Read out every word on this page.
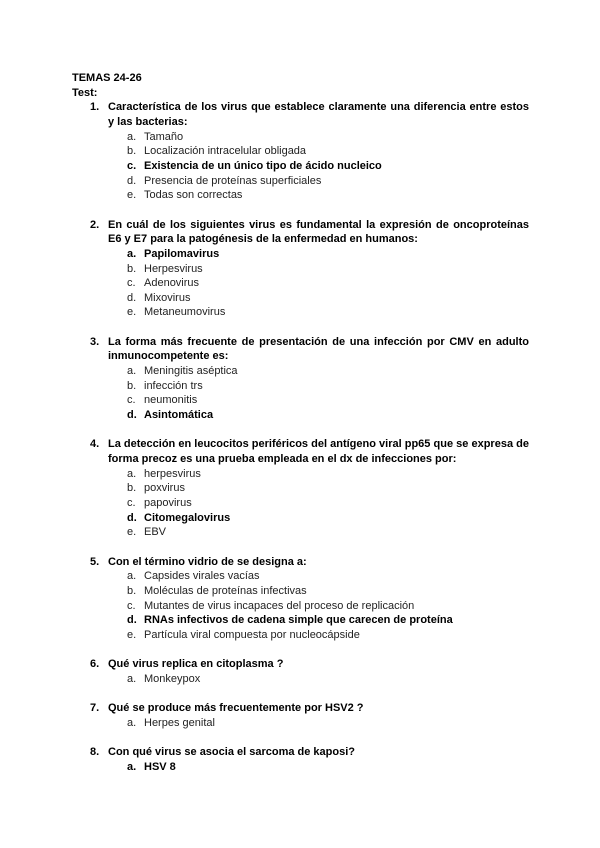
TEMAS 24-26
Test:
1. Característica de los virus que establece claramente una diferencia entre estos y las bacterias:
a. Tamaño
b. Localización intracelular obligada
c. Existencia de un único tipo de ácido nucleico
d. Presencia de proteínas superficiales
e. Todas son correctas
2. En cuál de los siguientes virus es fundamental la expresión de oncoproteínas E6 y E7 para la patogénesis de la enfermedad en humanos:
a. Papilomavirus
b. Herpesvirus
c. Adenovirus
d. Mixovirus
e. Metaneumovirus
3. La forma más frecuente de presentación de una infección por CMV en adulto inmunocompetente es:
a. Meningitis aséptica
b. infección trs
c. neumonitis
d. Asintomática
4. La detección en leucocitos periféricos del antígeno viral pp65 que se expresa de forma precoz es una prueba empleada en el dx de infecciones por:
a. herpesvirus
b. poxvirus
c. papovirus
d. Citomegalovirus
e. EBV
5. Con el término vidrio de se designa a:
a. Capsides virales vacías
b. Moléculas de proteínas infectivas
c. Mutantes de virus incapaces del proceso de replicación
d. RNAs infectivos de cadena simple que carecen de proteína
e. Partícula viral compuesta por nucleocápside
6. Qué virus replica en citoplasma ?
a. Monkeypox
7. Qué se produce más frecuentemente por HSV2 ?
a. Herpes genital
8. Con qué virus se asocia el sarcoma de kaposi?
a. HSV 8
